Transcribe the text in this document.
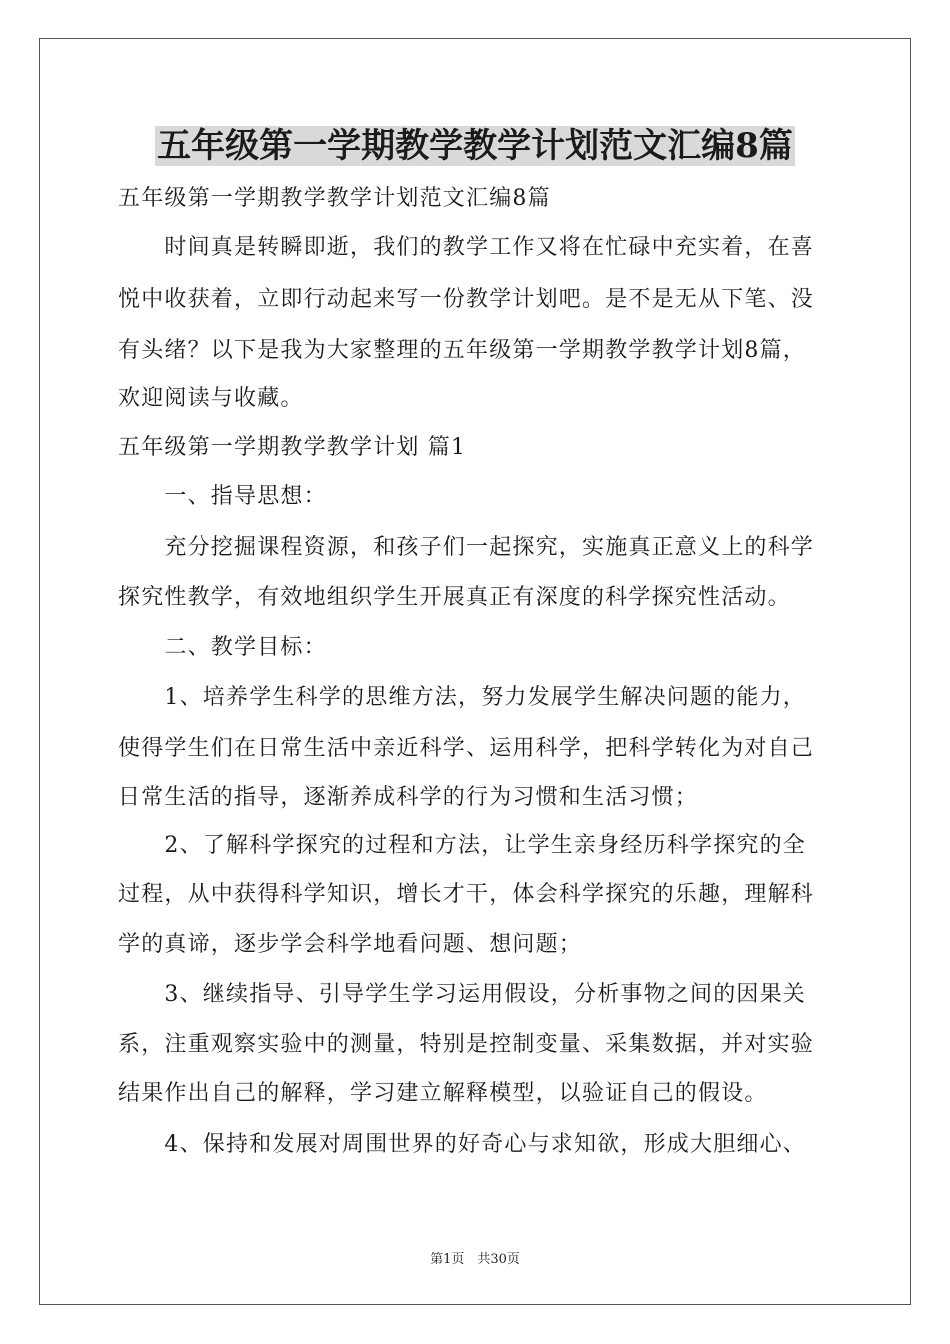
五年级第一学期教学教学计划范文汇编8篇
五年级第一学期教学教学计划范文汇编8篇
　　时间真是转瞬即逝，我们的教学工作又将在忙碌中充实着，在喜
悦中收获着，立即行动起来写一份教学计划吧。是不是无从下笔、没
有头绪？以下是我为大家整理的五年级第一学期教学教学计划8篇，
欢迎阅读与收藏。
五年级第一学期教学教学计划 篇1
　　一、指导思想：
　　充分挖掘课程资源，和孩子们一起探究，实施真正意义上的科学
探究性教学，有效地组织学生开展真正有深度的科学探究性活动。
　　二、教学目标：
　　1、培养学生科学的思维方法，努力发展学生解决问题的能力，
使得学生们在日常生活中亲近科学、运用科学，把科学转化为对自己
日常生活的指导，逐渐养成科学的行为习惯和生活习惯；
　　2、了解科学探究的过程和方法，让学生亲身经历科学探究的全
过程，从中获得科学知识，增长才干，体会科学探究的乐趣，理解科
学的真谛，逐步学会科学地看问题、想问题；
　　3、继续指导、引导学生学习运用假设，分析事物之间的因果关
系，注重观察实验中的测量，特别是控制变量、采集数据，并对实验
结果作出自己的解释，学习建立解释模型，以验证自己的假设。
　　4、保持和发展对周围世界的好奇心与求知欲，形成大胆细心、
第1页　共30页
